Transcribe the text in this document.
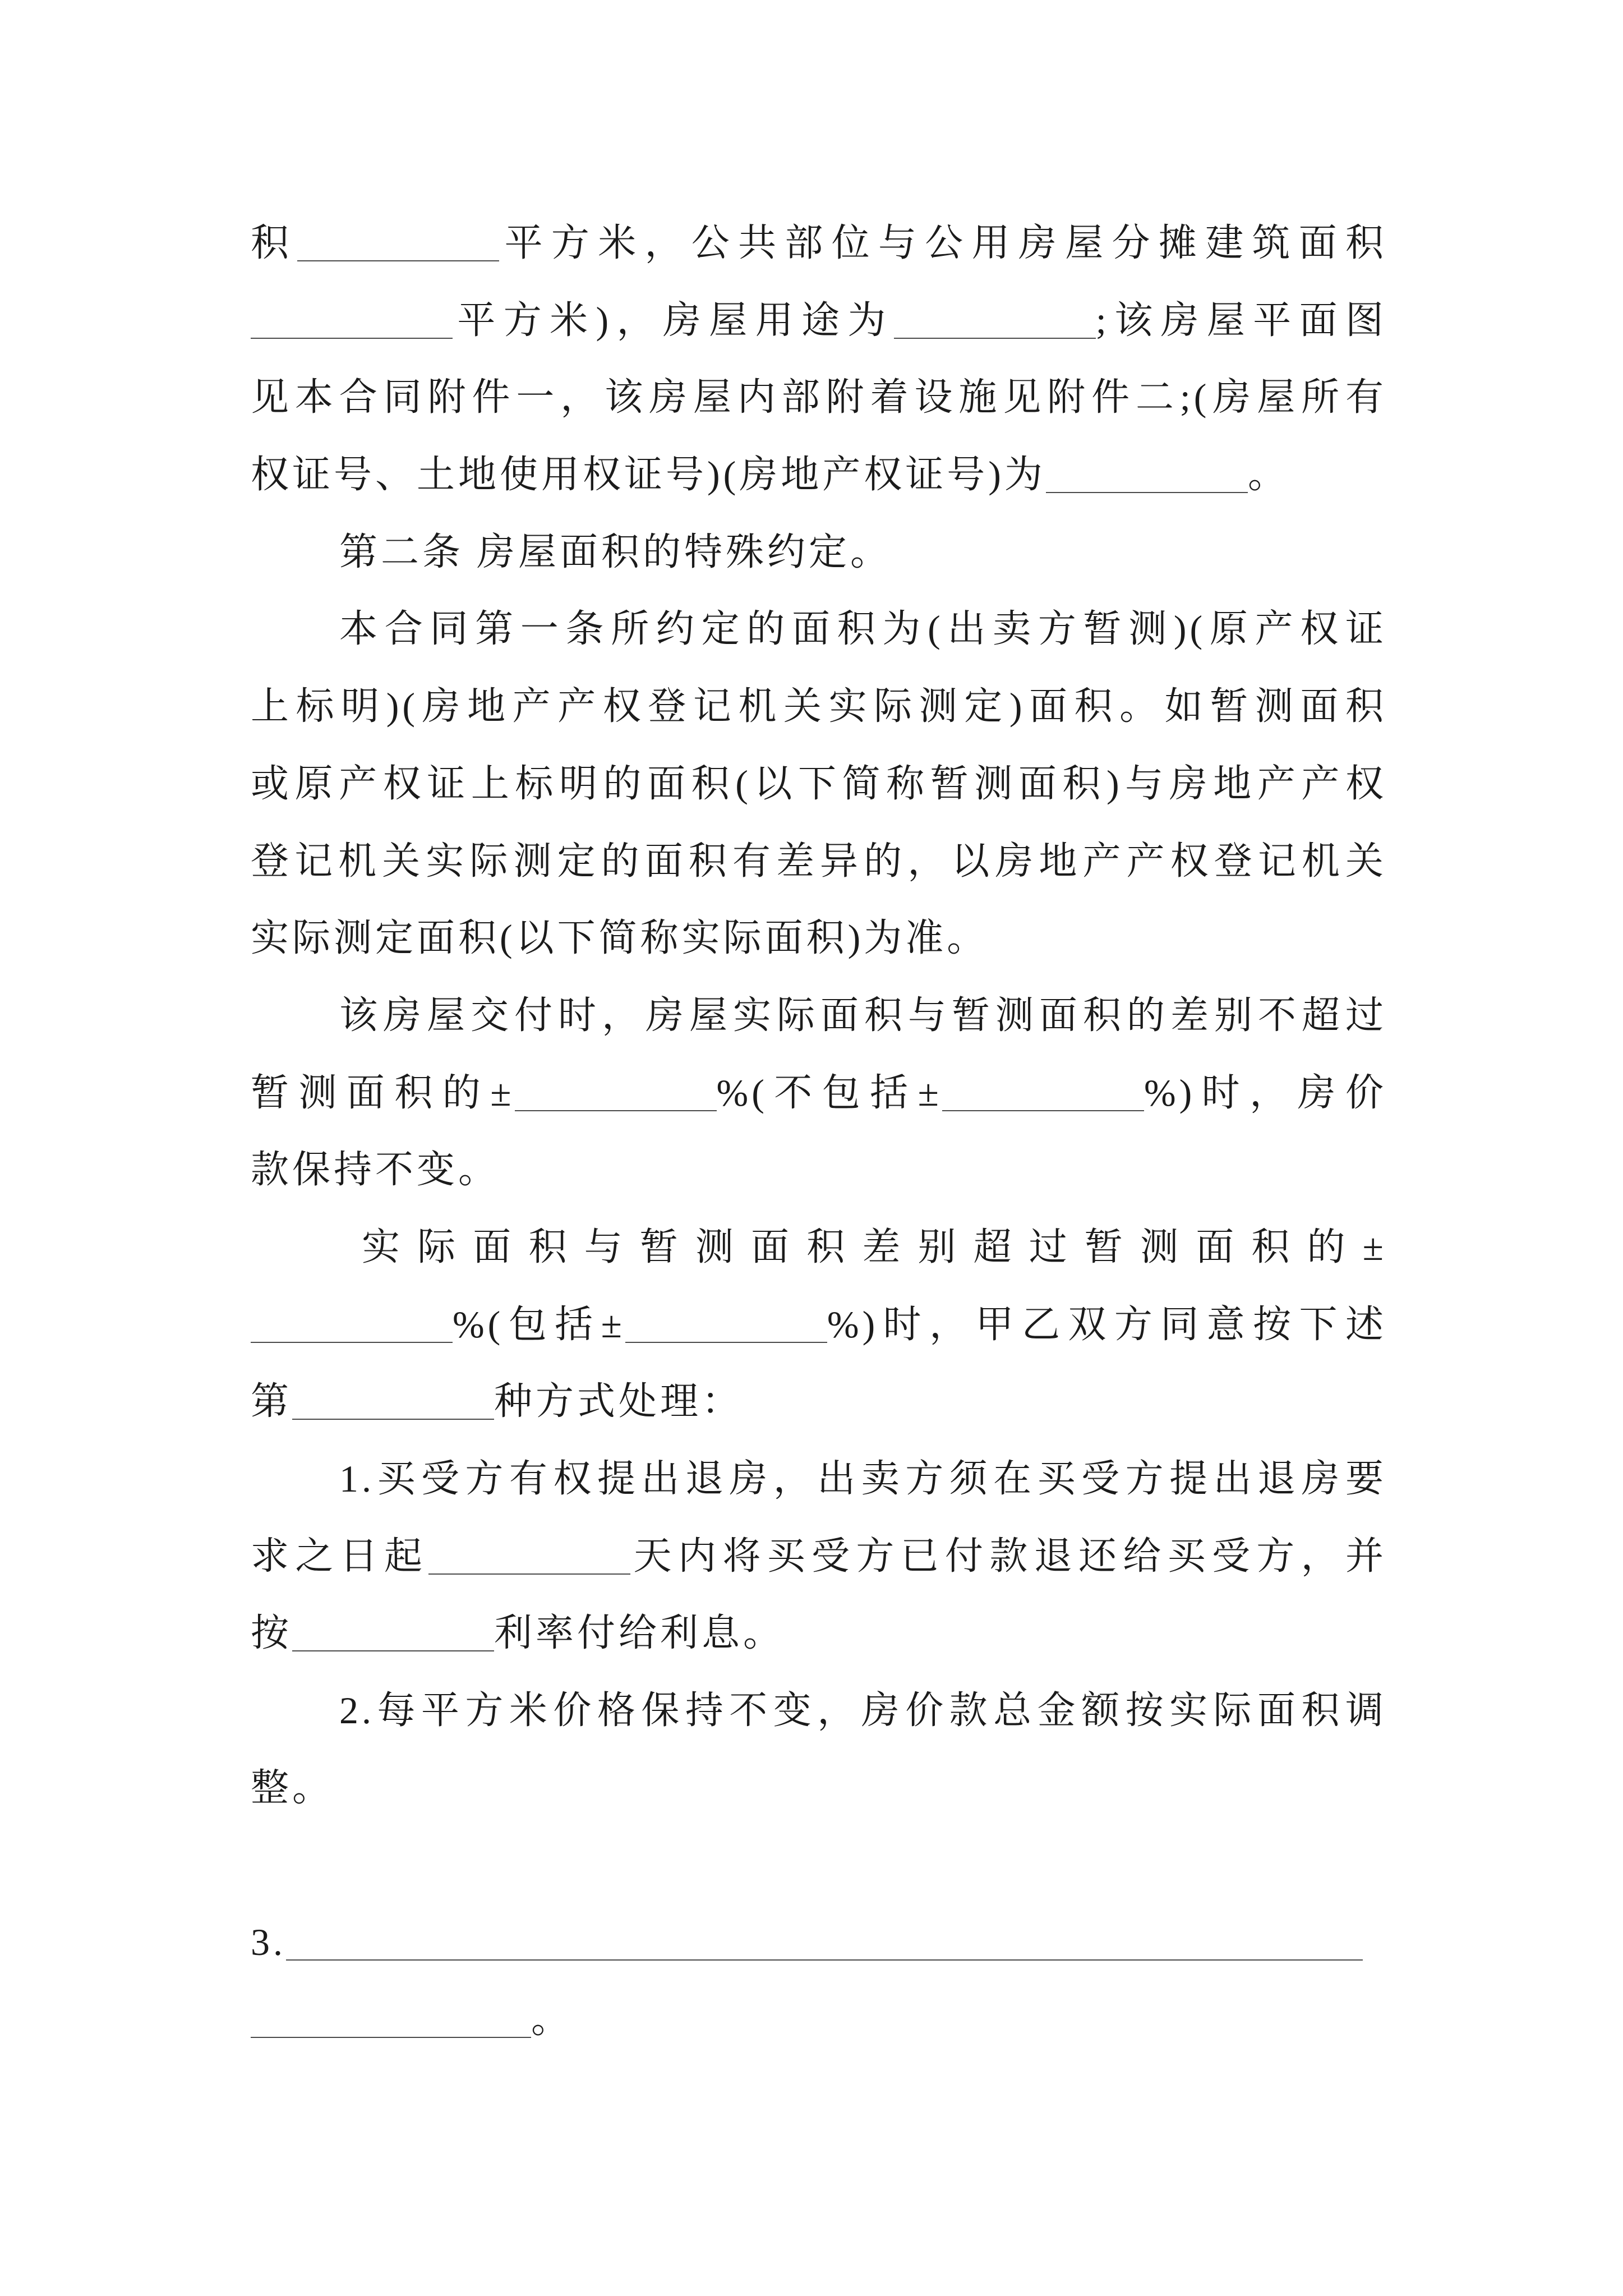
积	平方米，公共部位与公用房屋分摊建筑面积
平方米)，房屋用途为	;该房屋平面图
见本合同附件一，该房屋内部附着设施见附件二;(房屋所有
权证号、土地使用权证号)(房地产权证号)为	。
第二条 房屋面积的特殊约定。
本合同第一条所约定的面积为(出卖方暂测)(原产权证
上标明)(房地产产权登记机关实际测定)面积。如暂测面积
或原产权证上标明的面积(以下简称暂测面积)与房地产产权
登记机关实际测定的面积有差异的，以房地产产权登记机关
实际测定面积(以下简称实际面积)为准。
该房屋交付时，房屋实际面积与暂测面积的差别不超过
暂测面积的±	%(不包括±	%)时，房价
款保持不变。
实际面积与暂测面积差别超过暂测面积的±
%(包括±	%)时，甲乙双方同意按下述
第	种方式处理：
1.买受方有权提出退房，出卖方须在买受方提出退房要
求之日起	天内将买受方已付款退还给买受方，并
按	利率付给利息。
2.每平方米价格保持不变，房价款总金额按实际面积调
整。
3.
。
